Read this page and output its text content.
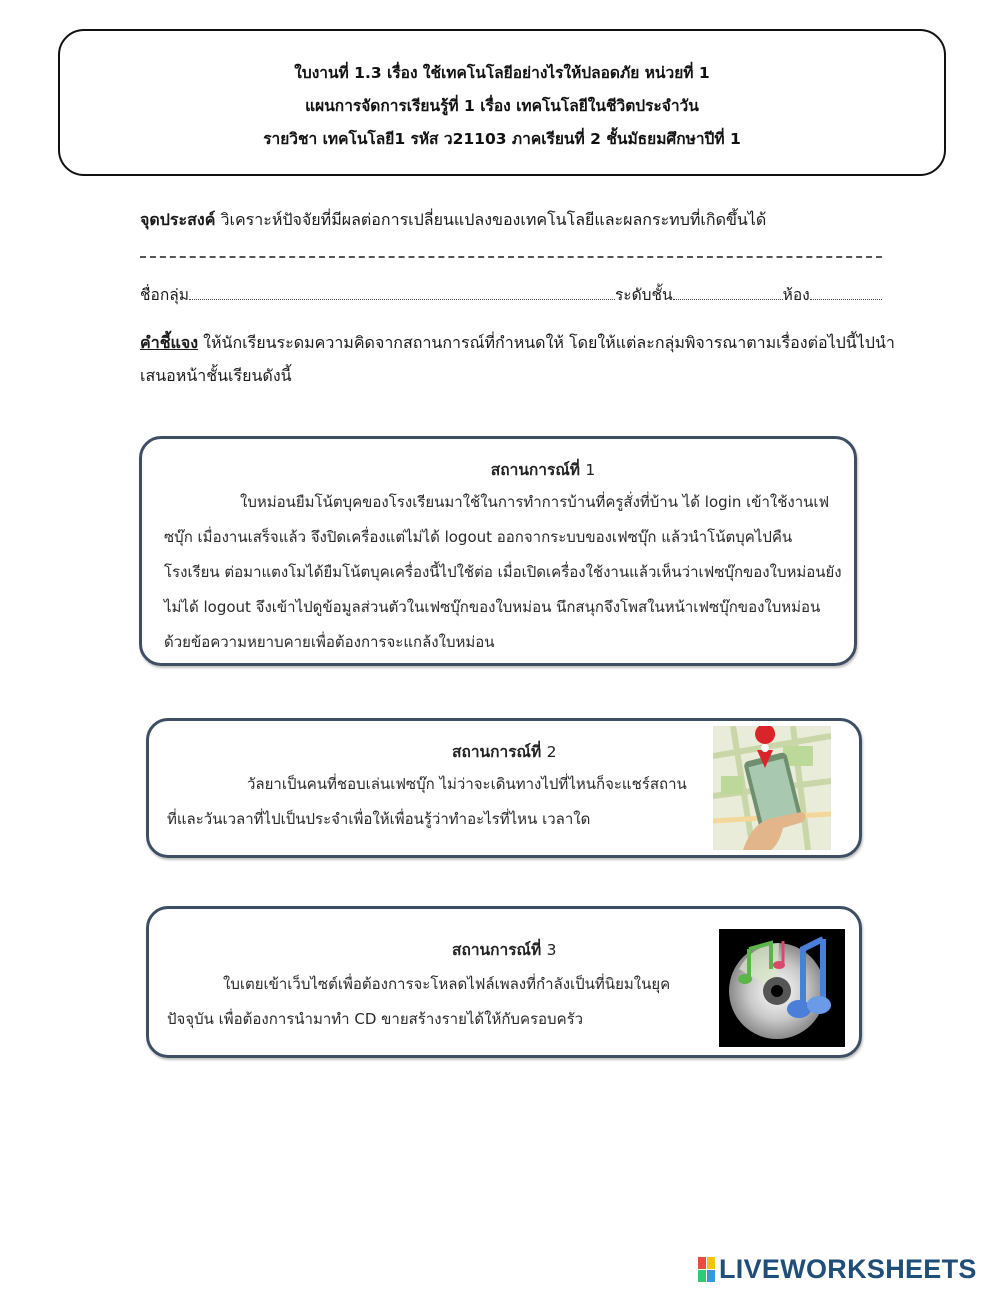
ใบงานที่ 1.3 เรื่อง ใช้เทคโนโลยีอย่างไรให้ปลอดภัย หน่วยที่ 1
แผนการจัดการเรียนรู้ที่ 1 เรื่อง เทคโนโลยีในชีวิตประจำวัน
รายวิชา เทคโนโลยี1 รหัส ว21103 ภาคเรียนที่ 2 ชั้นมัธยมศึกษาปีที่ 1
จุดประสงค์ วิเคราะห์ปัจจัยที่มีผลต่อการเปลี่ยนแปลงของเทคโนโลยีและผลกระทบที่เกิดขึ้นได้
ชื่อกลุ่ม	ระดับชั้น	ห้อง
คำชี้แจง ให้นักเรียนระดมความคิดจากสถานการณ์ที่กำหนดให้ โดยให้แต่ละกลุ่มพิจารณาตามเรื่องต่อไปนี้ไปนำเสนอหน้าชั้นเรียนดังนี้
สถานการณ์ที่ 1
ใบหม่อนยืมโน้ตบุคของโรงเรียนมาใช้ในการทำการบ้านที่ครูสั่งที่บ้าน ได้ login เข้าใช้งานเฟซบุ๊ก เมื่องานเสร็จแล้ว จึงปิดเครื่องแต่ไม่ได้ logout ออกจากระบบของเฟซบุ๊ก แล้วนำโน้ตบุคไปคืนโรงเรียน ต่อมาแตงโมได้ยืมโน้ตบุคเครื่องนี้ไปใช้ต่อ เมื่อเปิดเครื่องใช้งานแล้วเห็นว่าเฟซบุ๊กของใบหม่อนยังไม่ได้ logout จึงเข้าไปดูข้อมูลส่วนตัวในเฟซบุ๊กของใบหม่อน นึกสนุกจึงโพสในหน้าเฟซบุ๊กของใบหม่อนด้วยข้อความหยาบคายเพื่อต้องการจะแกล้งใบหม่อน
สถานการณ์ที่ 2
วัลยาเป็นคนที่ชอบเล่นเฟซบุ๊ก ไม่ว่าจะเดินทางไปที่ไหนก็จะแชร์สถานที่และวันเวลาที่ไปเป็นประจำเพื่อให้เพื่อนรู้ว่าทำอะไรที่ไหน เวลาใด
สถานการณ์ที่ 3
ใบเตยเข้าเว็บไซต์เพื่อต้องการจะโหลดไฟล์เพลงที่กำลังเป็นที่นิยมในยุคปัจจุบัน เพื่อต้องการนำมาทำ CD ขายสร้างรายได้ให้กับครอบครัว
LIVEWORKSHEETS
